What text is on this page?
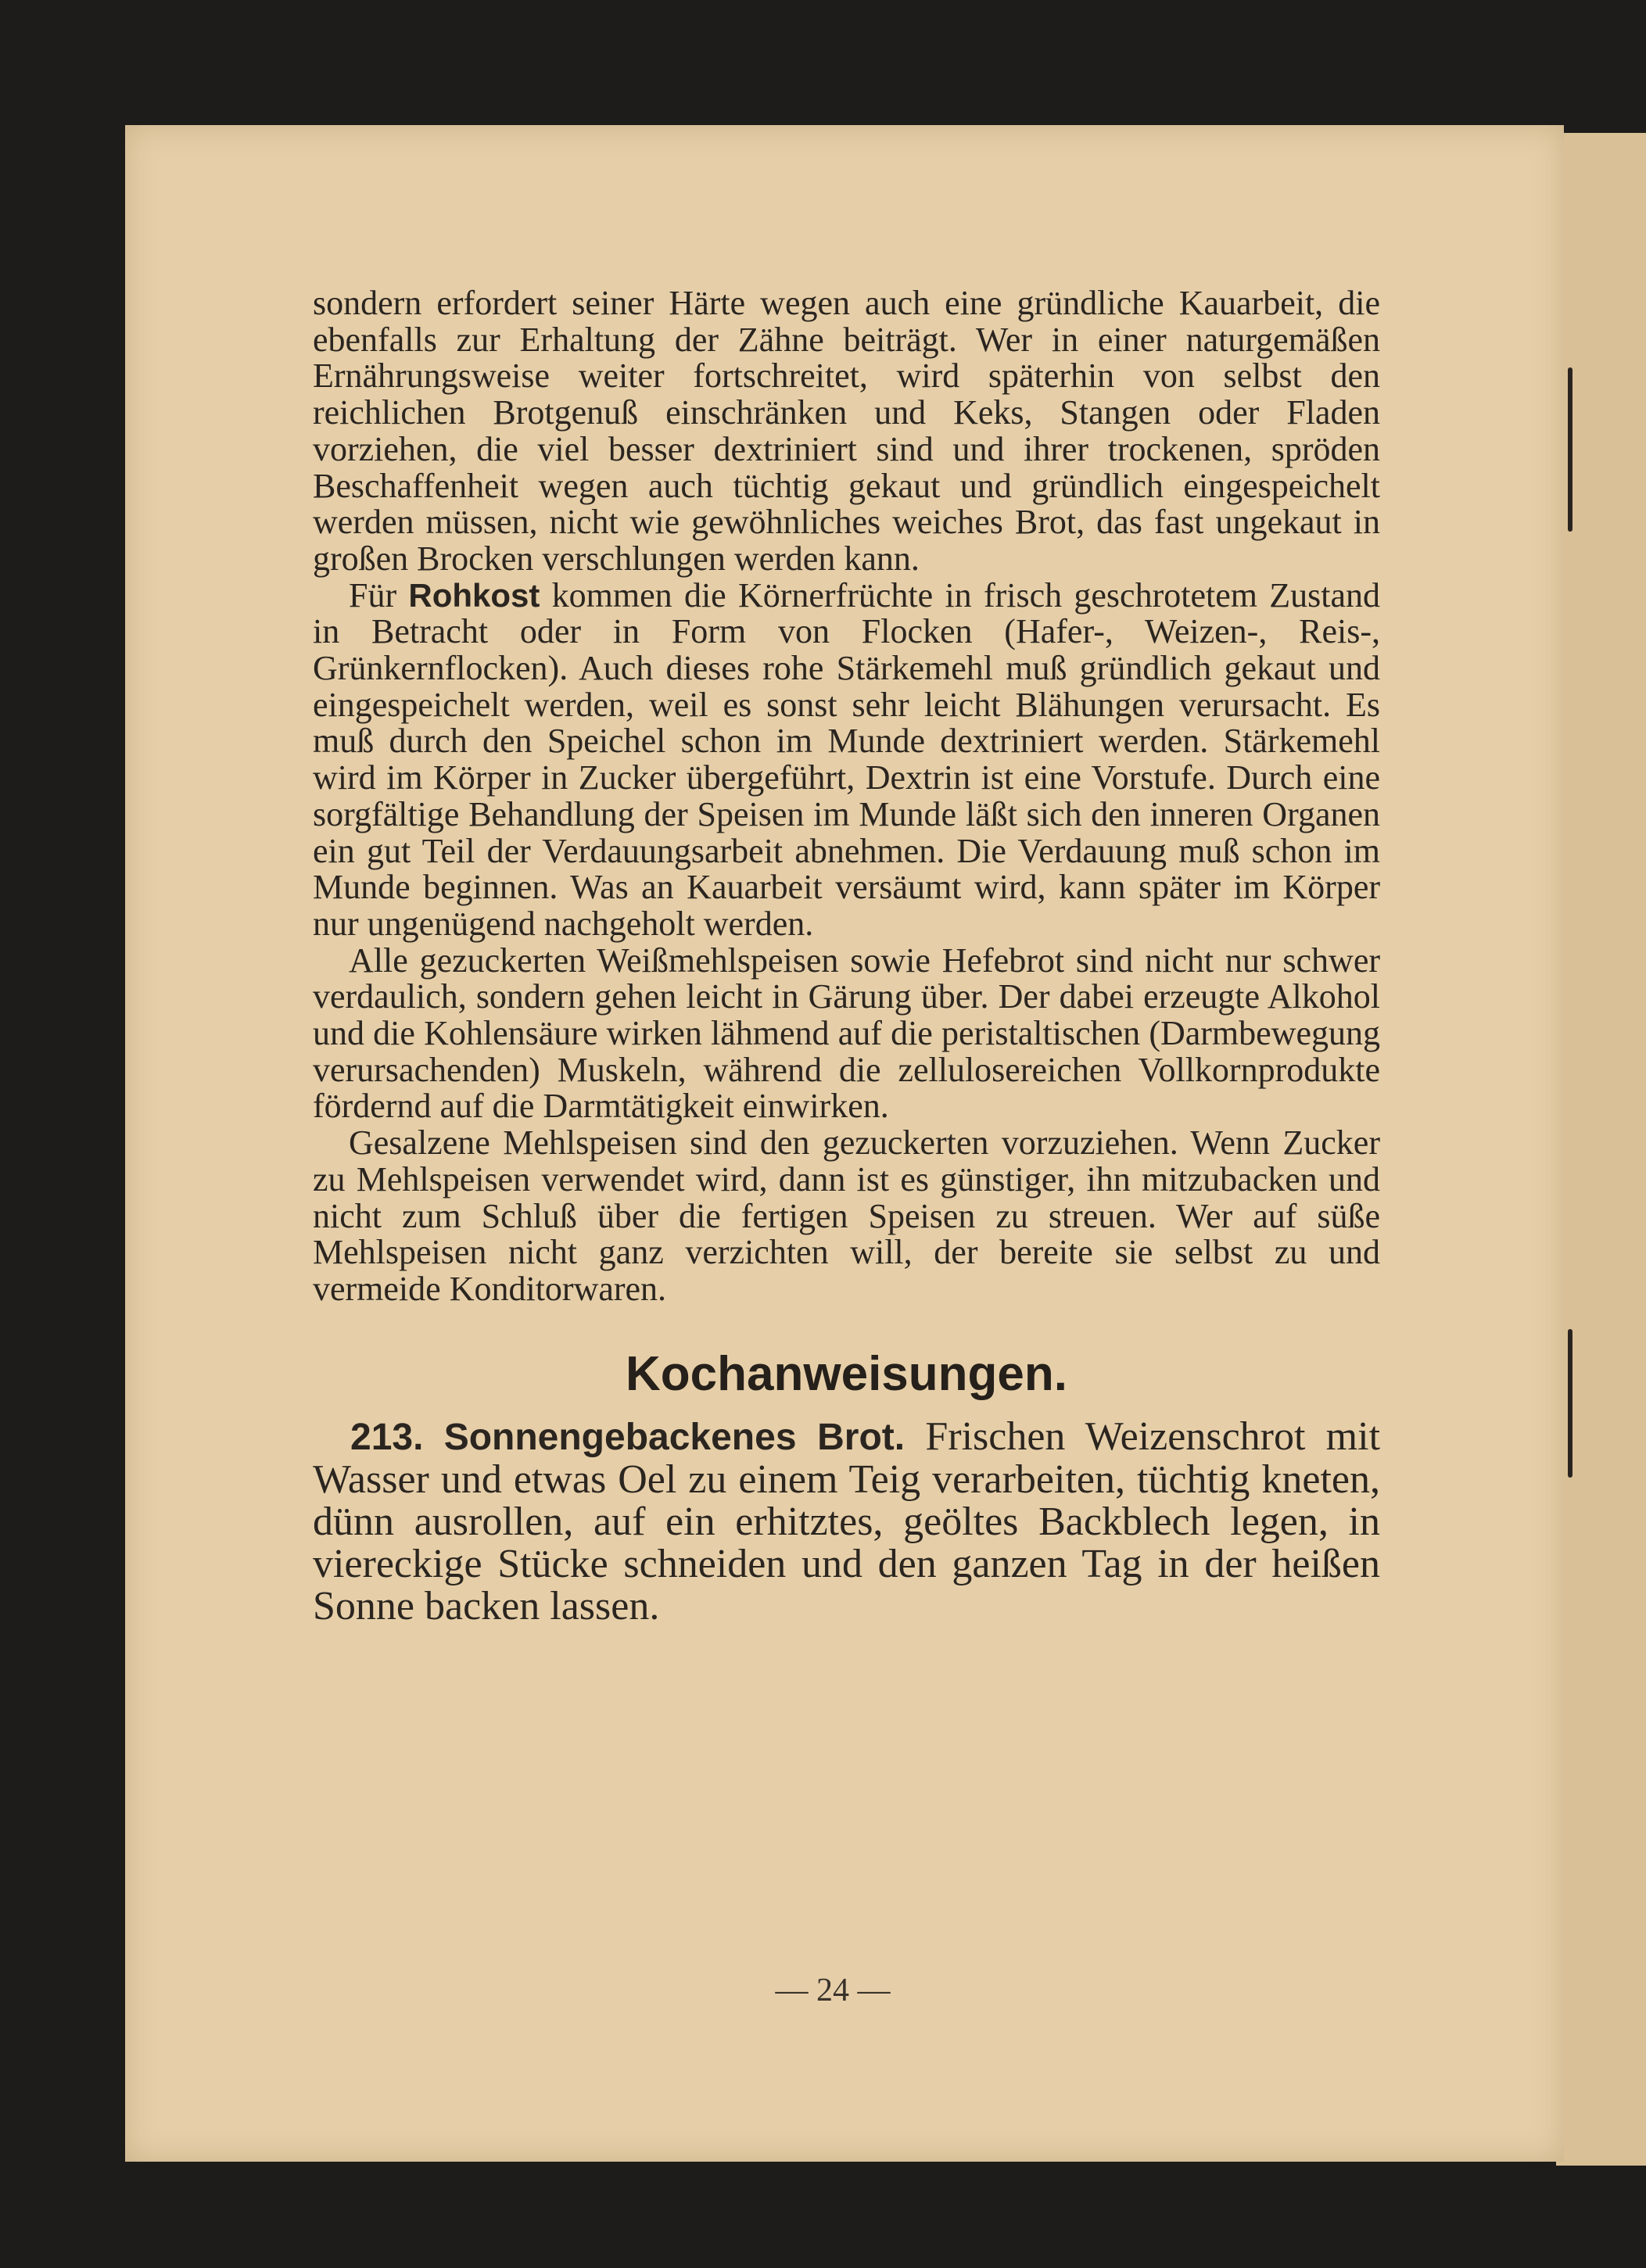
sondern erfordert seiner Härte wegen auch eine gründliche Kauarbeit, die ebenfalls zur Erhaltung der Zähne beiträgt. Wer in einer naturgemäßen Ernährungsweise weiter fortschreitet, wird späterhin von selbst den reichlichen Brotgenuß einschränken und Keks, Stangen oder Fladen vorziehen, die viel besser dextriniert sind und ihrer trockenen, spröden Beschaffenheit wegen auch tüchtig gekaut und gründlich eingespeichelt werden müssen, nicht wie gewöhnliches weiches Brot, das fast ungekaut in großen Brocken verschlungen werden kann.

Für Rohkost kommen die Körnerfrüchte in frisch geschrotetem Zustand in Betracht oder in Form von Flocken (Hafer-, Weizen-, Reis-, Grünkernflocken). Auch dieses rohe Stärkemehl muß gründlich gekaut und eingespeichelt werden, weil es sonst sehr leicht Blähungen verursacht. Es muß durch den Speichel schon im Munde dextriniert werden. Stärkemehl wird im Körper in Zucker übergeführt, Dextrin ist eine Vorstufe. Durch eine sorgfältige Behandlung der Speisen im Munde läßt sich den inneren Organen ein gut Teil der Verdauungsarbeit abnehmen. Die Verdauung muß schon im Munde beginnen. Was an Kauarbeit versäumt wird, kann später im Körper nur ungenügend nachgeholt werden.

Alle gezuckerten Weißmehlspeisen sowie Hefebrot sind nicht nur schwer verdaulich, sondern gehen leicht in Gärung über. Der dabei erzeugte Alkohol und die Kohlensäure wirken lähmend auf die peristaltischen (Darmbewegung verursachenden) Muskeln, während die zellulosereichen Vollkornprodukte fördernd auf die Darmtätigkeit einwirken.

Gesalzene Mehlspeisen sind den gezuckerten vorzuziehen. Wenn Zucker zu Mehlspeisen verwendet wird, dann ist es günstiger, ihn mitzubacken und nicht zum Schluß über die fertigen Speisen zu streuen. Wer auf süße Mehlspeisen nicht ganz verzichten will, der bereite sie selbst zu und vermeide Konditorwaren.

Kochanweisungen.

213. Sonnengebackenes Brot. Frischen Weizenschrot mit Wasser und etwas Oel zu einem Teig verarbeiten, tüchtig kneten, dünn ausrollen, auf ein erhitztes, geöltes Backblech legen, in viereckige Stücke schneiden und den ganzen Tag in der heißen Sonne backen lassen.

— 24 —
